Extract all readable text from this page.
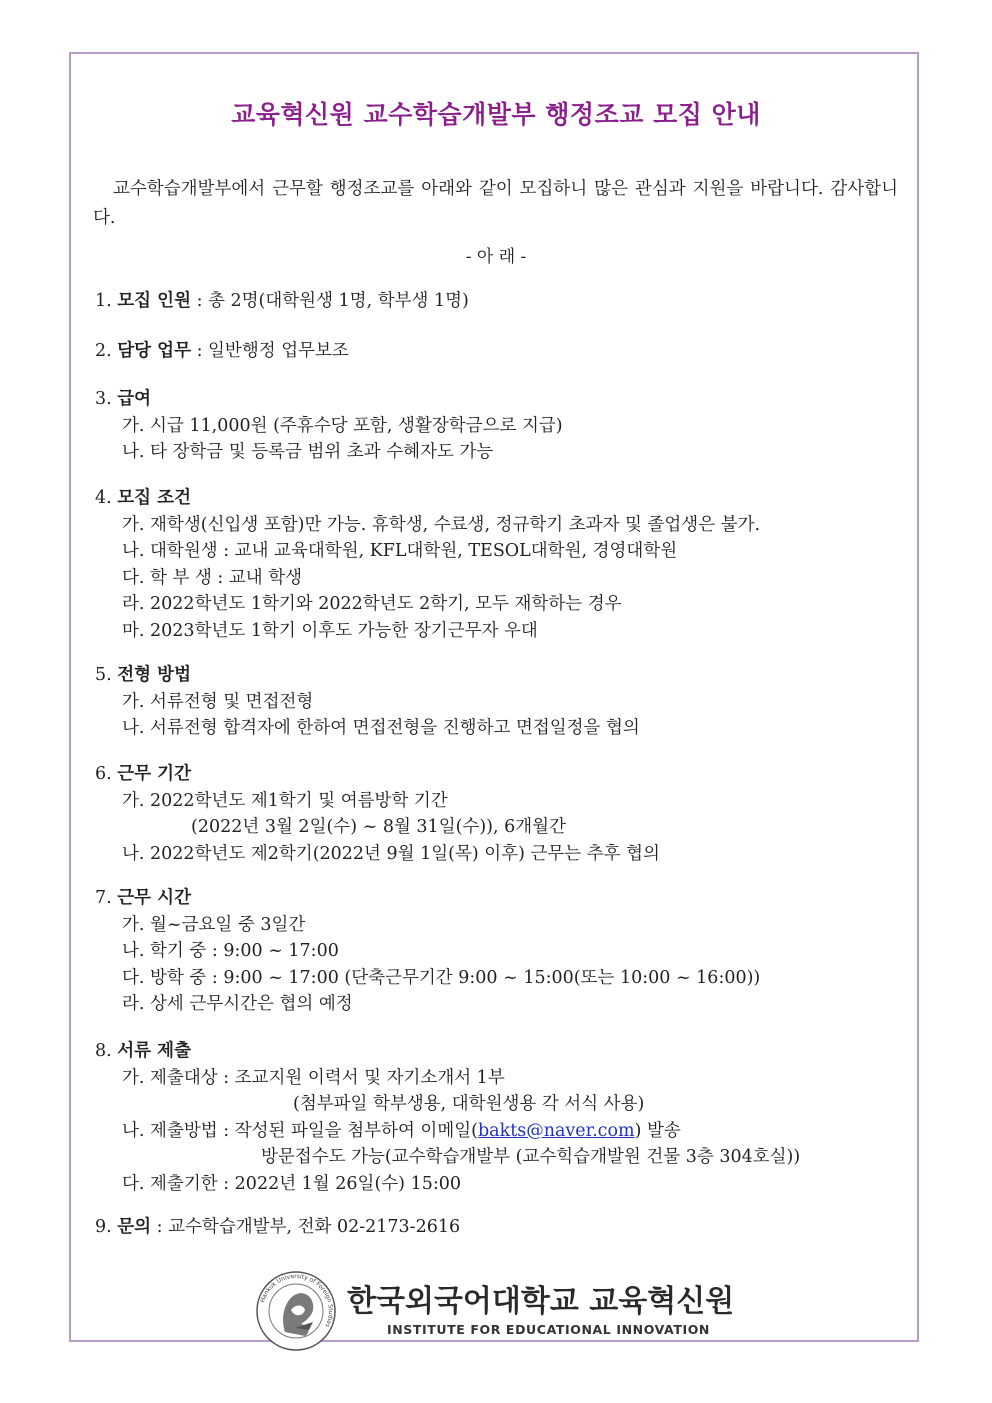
교육혁신원 교수학습개발부 행정조교 모집 안내
교수학습개발부에서 근무할 행정조교를 아래와 같이 모집하니 많은 관심과 지원을 바랍니다. 감사합니다.
- 아 래 -
1. 모집 인원 : 총 2명(대학원생 1명, 학부생 1명)
2. 담당 업무 : 일반행정 업무보조
3. 급여
가. 시급 11,000원 (주휴수당 포함, 생활장학금으로 지급)
나. 타 장학금 및 등록금 범위 초과 수혜자도 가능
4. 모집 조건
가. 재학생(신입생 포함)만 가능. 휴학생, 수료생, 정규학기 초과자 및 졸업생은 불가.
나. 대학원생 : 교내 교육대학원, KFL대학원, TESOL대학원, 경영대학원
다. 학 부 생 : 교내 학생
라. 2022학년도 1학기와 2022학년도 2학기, 모두 재학하는 경우
마. 2023학년도 1학기 이후도 가능한 장기근무자 우대
5. 전형 방법
가. 서류전형 및 면접전형
나. 서류전형 합격자에 한하여 면접전형을 진행하고 면접일정을 협의
6. 근무 기간
가. 2022학년도 제1학기 및 여름방학 기간
(2022년 3월 2일(수) ~ 8월 31일(수)), 6개월간
나. 2022학년도 제2학기(2022년 9월 1일(목) 이후) 근무는 추후 협의
7. 근무 시간
가. 월~금요일 중 3일간
나. 학기 중 : 9:00 ~ 17:00
다. 방학 중 : 9:00 ~ 17:00 (단축근무기간 9:00 ~ 15:00(또는 10:00 ~ 16:00))
라. 상세 근무시간은 협의 예정
8. 서류 제출
가. 제출대상 : 조교지원 이력서 및 자기소개서 1부
(첨부파일 학부생용, 대학원생용 각 서식 사용)
나. 제출방법 : 작성된 파일을 첨부하여 이메일(bakts@naver.com) 발송
방문접수도 가능(교수학습개발부 (교수힉습개발원 건물 3층 304호실))
다. 제출기한 : 2022년 1월 26일(수) 15:00
9. 문의 : 교수학습개발부, 전화 02-2173-2616
Hankuk University of Foreign Studies
한국외국어대학교 교육혁신원
INSTITUTE FOR EDUCATIONAL INNOVATION
